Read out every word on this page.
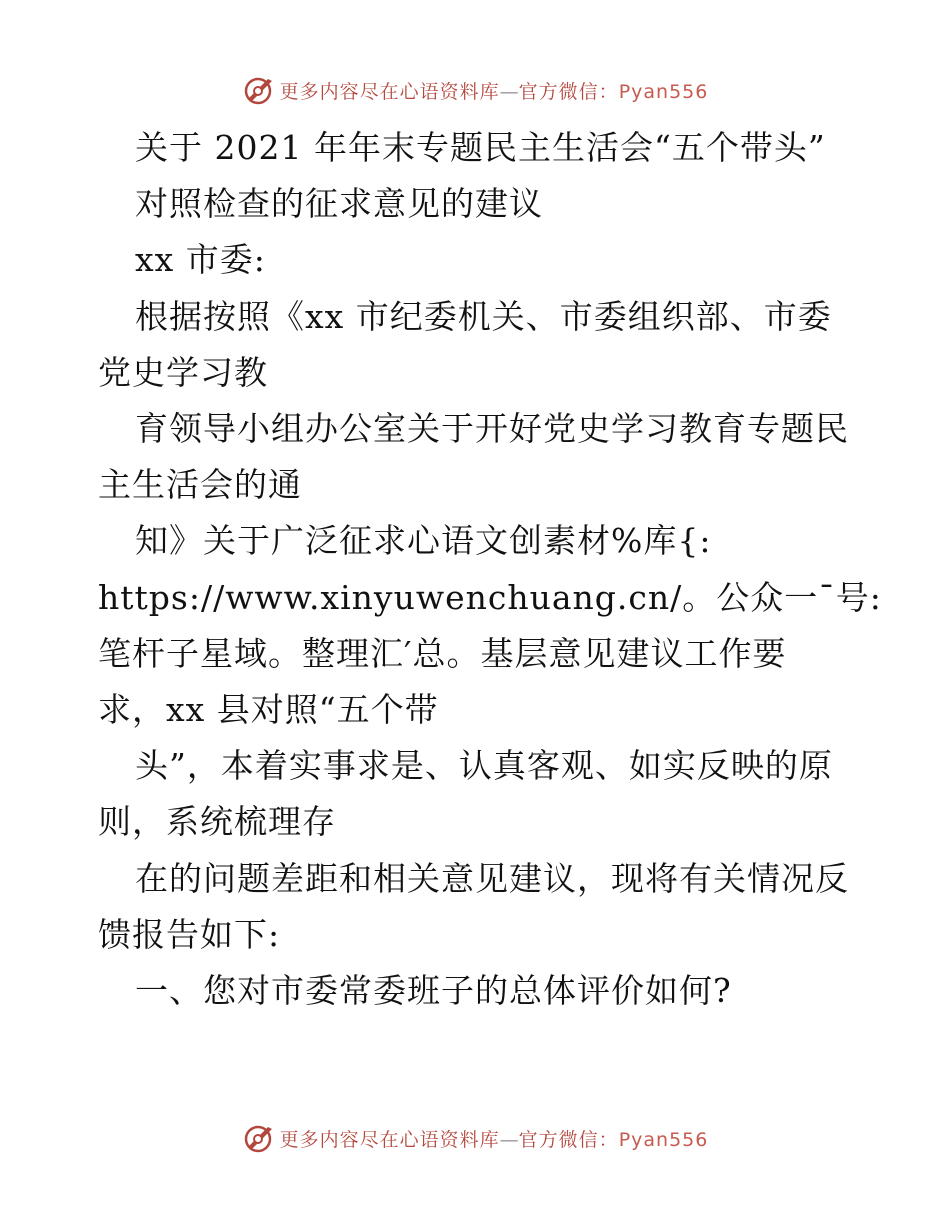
更多内容尽在心语资料库—官方微信：Pyan556
关于 2021 年年末专题民主生活会“五个带头”
对照检查的征求意见的建议
xx 市委:
根据按照《xx 市纪委机关、市委组织部、市委
党史学习教
育领导小组办公室关于开好党史学习教育专题民
主生活会的通
知》关于广泛征求心语文创素材%库{:
https://www.xinyuwenchuang.cn/。公众一¯号:
笔杆子星域。整理汇′总。基层意见建议工作要
求，xx 县对照“五个带
头”，本着实事求是、认真客观、如实反映的原
则，系统梳理存
在的问题差距和相关意见建议，现将有关情况反
馈报告如下:
一、您对市委常委班子的总体评价如何?
更多内容尽在心语资料库—官方微信：Pyan556
